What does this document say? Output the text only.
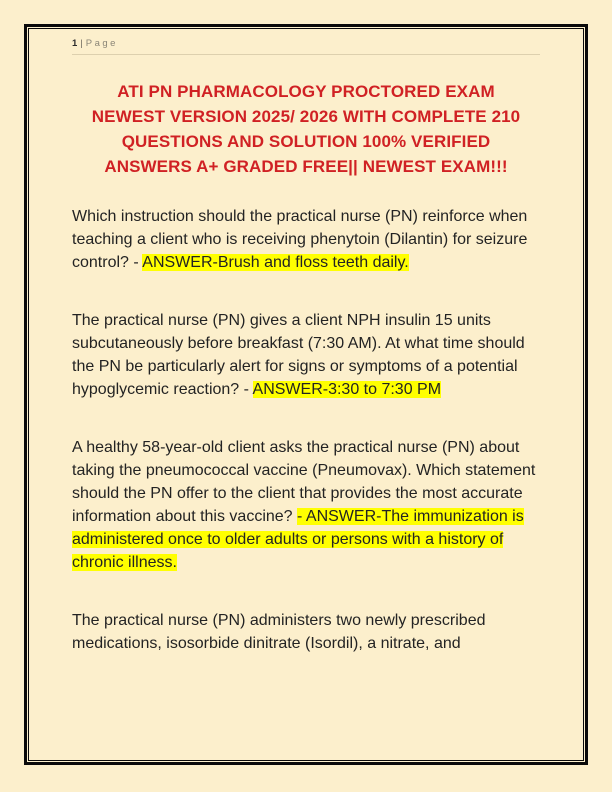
1 | Page
ATI PN PHARMACOLOGY PROCTORED EXAM
NEWEST VERSION 2025/ 2026 WITH COMPLETE 210
QUESTIONS AND SOLUTION 100% VERIFIED
ANSWERS A+ GRADED FREE|| NEWEST EXAM!!!

Which instruction should the practical nurse (PN) reinforce when teaching a client who is receiving phenytoin (Dilantin) for seizure control? - ANSWER-Brush and floss teeth daily.

The practical nurse (PN) gives a client NPH insulin 15 units subcutaneously before breakfast (7:30 AM). At what time should the PN be particularly alert for signs or symptoms of a potential hypoglycemic reaction? - ANSWER-3:30 to 7:30 PM

A healthy 58-year-old client asks the practical nurse (PN) about taking the pneumococcal vaccine (Pneumovax). Which statement should the PN offer to the client that provides the most accurate information about this vaccine? - ANSWER-The immunization is administered once to older adults or persons with a history of chronic illness.

The practical nurse (PN) administers two newly prescribed medications, isosorbide dinitrate (Isordil), a nitrate, and
